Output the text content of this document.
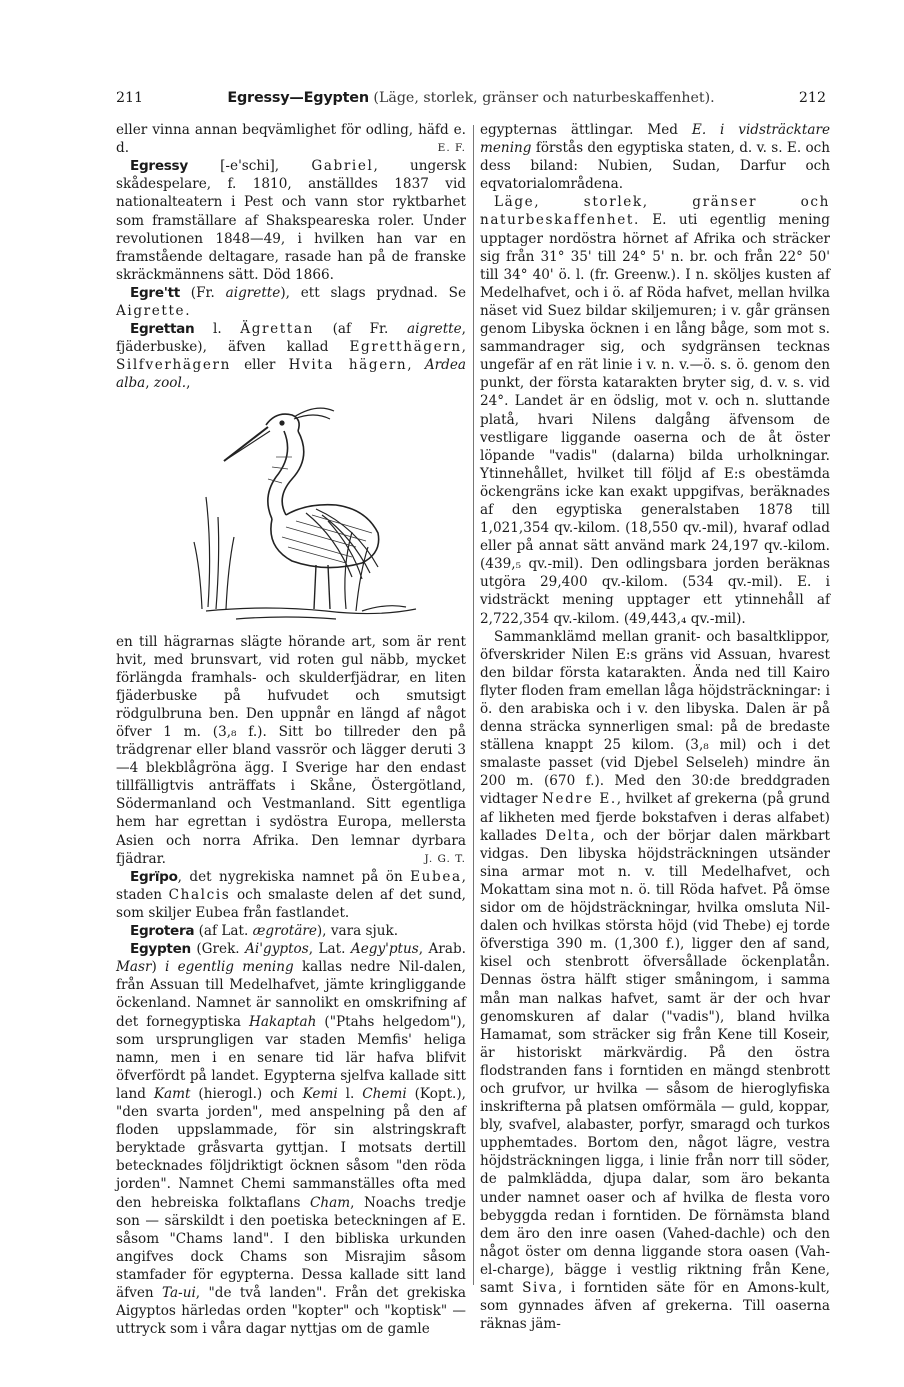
211	Egressy—Egypten (Läge, storlek, gränser och naturbeskaffenhet).	212

eller vinna annan beqvämlighet för odling, häfd e. d.	E. F.

Egressy [-e'schi], Gabriel, ungersk skådespelare, f. 1810, anställdes 1837 vid nationalteatern i Pest och vann stor ryktbarhet som framställare af Shakspeareska roler. Under revolutionen 1848—49, i hvilken han var en framstående deltagare, rasade han på de franske skräckmännens sätt. Död 1866.

Egre'tt (Fr. aigrette), ett slags prydnad. Se Aigrette.

Egrettan l. Ägrettan (af Fr. aigrette, fjäderbuske), äfven kallad Egretthägern, Silfverhägern eller Hvita hägern, Ardea alba, zool.,

en till hägrarnas slägte hörande art, som är rent hvit, med brunsvart, vid roten gul näbb, mycket förlängda framhals- och skulderfjädrar, en liten fjäderbuske på hufvudet och smutsigt rödgulbruna ben. Den uppnår en längd af något öfver 1 m. (3,₈ f.). Sitt bo tillreder den på trädgrenar eller bland vassrör och lägger deruti 3—4 blekblågröna ägg. I Sverige har den endast tillfälligtvis anträffats i Skåne, Östergötland, Södermanland och Vestmanland. Sitt egentliga hem har egrettan i sydöstra Europa, mellersta Asien och norra Afrika. Den lemnar dyrbara fjädrar.	J. G. T.

Egrïpo, det nygrekiska namnet på ön Eubea, staden Chalcis och smalaste delen af det sund, som skiljer Eubea från fastlandet.

Egrotera (af Lat. ægrotäre), vara sjuk.

Egypten (Grek. Ai'gyptos, Lat. Aegy'ptus, Arab. Masr) i egentlig mening kallas nedre Nil-dalen, från Assuan till Medelhafvet, jämte kringliggande öckenland. Namnet är sannolikt en omskrifning af det fornegyptiska Hakaptah ("Ptahs helgedom"), som ursprungligen var staden Memfis' heliga namn, men i en senare tid lär hafva blifvit öfverfördt på landet. Egypterna sjelfva kallade sitt land Kamt (hierogl.) och Kemi l. Chemi (Kopt.), "den svarta jorden", med anspelning på den af floden uppslammade, för sin alstringskraft beryktade gråsvarta gyttjan. I motsats dertill betecknades följdriktigt öcknen såsom "den röda jorden". Namnet Chemi sammanställes ofta med den hebreiska folktaflans Cham, Noachs tredje son — särskildt i den poetiska beteckningen af E. såsom "Chams land". I den bibliska urkunden angifves dock Chams son Misrajim såsom stamfader för egypterna. Dessa kallade sitt land äfven Ta-ui, "de två landen". Från det grekiska Aigyptos härledas orden "kopter" och "koptisk" — uttryck som i våra dagar nyttjas om de gamle

egypternas ättlingar. Med E. i vidsträcktare mening förstås den egyptiska staten, d. v. s. E. och dess biland: Nubien, Sudan, Darfur och eqvatorialområdena.

Läge, storlek, gränser och naturbeskaffenhet. E. uti egentlig mening upptager nordöstra hörnet af Afrika och sträcker sig från 31° 35' till 24° 5' n. br. och från 22° 50' till 34° 40' ö. l. (fr. Greenw.). I n. sköljes kusten af Medelhafvet, och i ö. af Röda hafvet, mellan hvilka näset vid Suez bildar skiljemuren; i v. går gränsen genom Libyska öcknen i en lång båge, som mot s. sammandrager sig, och sydgränsen tecknas ungefär af en rät linie i v. n. v.—ö. s. ö. genom den punkt, der första katarakten bryter sig, d. v. s. vid 24°. Landet är en ödslig, mot v. och n. sluttande platå, hvari Nilens dalgång äfvensom de vestligare liggande oaserna och de åt öster löpande "vadis" (dalarna) bilda urholkningar. Ytinnehållet, hvilket till följd af E:s obestämda öckengräns icke kan exakt uppgifvas, beräknades af den egyptiska generalstaben 1878 till 1,021,354 qv.-kilom. (18,550 qv.-mil), hvaraf odlad eller på annat sätt använd mark 24,197 qv.-kilom. (439,₅ qv.-mil). Den odlingsbara jorden beräknas utgöra 29,400 qv.-kilom. (534 qv.-mil). E. i vidsträckt mening upptager ett ytinnehåll af 2,722,354 qv.-kilom. (49,443,₄ qv.-mil).

Sammanklämd mellan granit- och basaltklippor, öfverskrider Nilen E:s gräns vid Assuan, hvarest den bildar första katarakten. Ända ned till Kairo flyter floden fram emellan låga höjdsträckningar: i ö. den arabiska och i v. den libyska. Dalen är på denna sträcka synnerligen smal: på de bredaste ställena knappt 25 kilom. (3,₈ mil) och i det smalaste passet (vid Djebel Selseleh) mindre än 200 m. (670 f.). Med den 30:de breddgraden vidtager Nedre E., hvilket af grekerna (på grund af likheten med fjerde bokstafven i deras alfabet) kallades Delta, och der börjar dalen märkbart vidgas. Den libyska höjdsträckningen utsänder sina armar mot n. v. till Medelhafvet, och Mokattam sina mot n. ö. till Röda hafvet. På ömse sidor om de höjdsträckningar, hvilka omsluta Nil-dalen och hvilkas största höjd (vid Thebe) ej torde öfverstiga 390 m. (1,300 f.), ligger den af sand, kisel och stenbrott öfversållade öckenplatån. Dennas östra hälft stiger småningom, i samma mån man nalkas hafvet, samt är der och hvar genomskuren af dalar ("vadis"), bland hvilka Hamamat, som sträcker sig från Kene till Koseir, är historiskt märkvärdig. På den östra flodstranden fans i forntiden en mängd stenbrott och grufvor, ur hvilka — såsom de hieroglyfiska inskrifterna på platsen omförmäla — guld, koppar, bly, svafvel, alabaster, porfyr, smaragd och turkos upphemtades. Bortom den, något lägre, vestra höjdsträckningen ligga, i linie från norr till söder, de palmklädda, djupa dalar, som äro bekanta under namnet oaser och af hvilka de flesta voro bebyggda redan i forntiden. De förnämsta bland dem äro den inre oasen (Vahed-dachle) och den något öster om denna liggande stora oasen (Vah-el-charge), bägge i vestlig riktning från Kene, samt Siva, i forntiden säte för en Amons-kult, som gynnades äfven af grekerna. Till oaserna räknas jäm-
